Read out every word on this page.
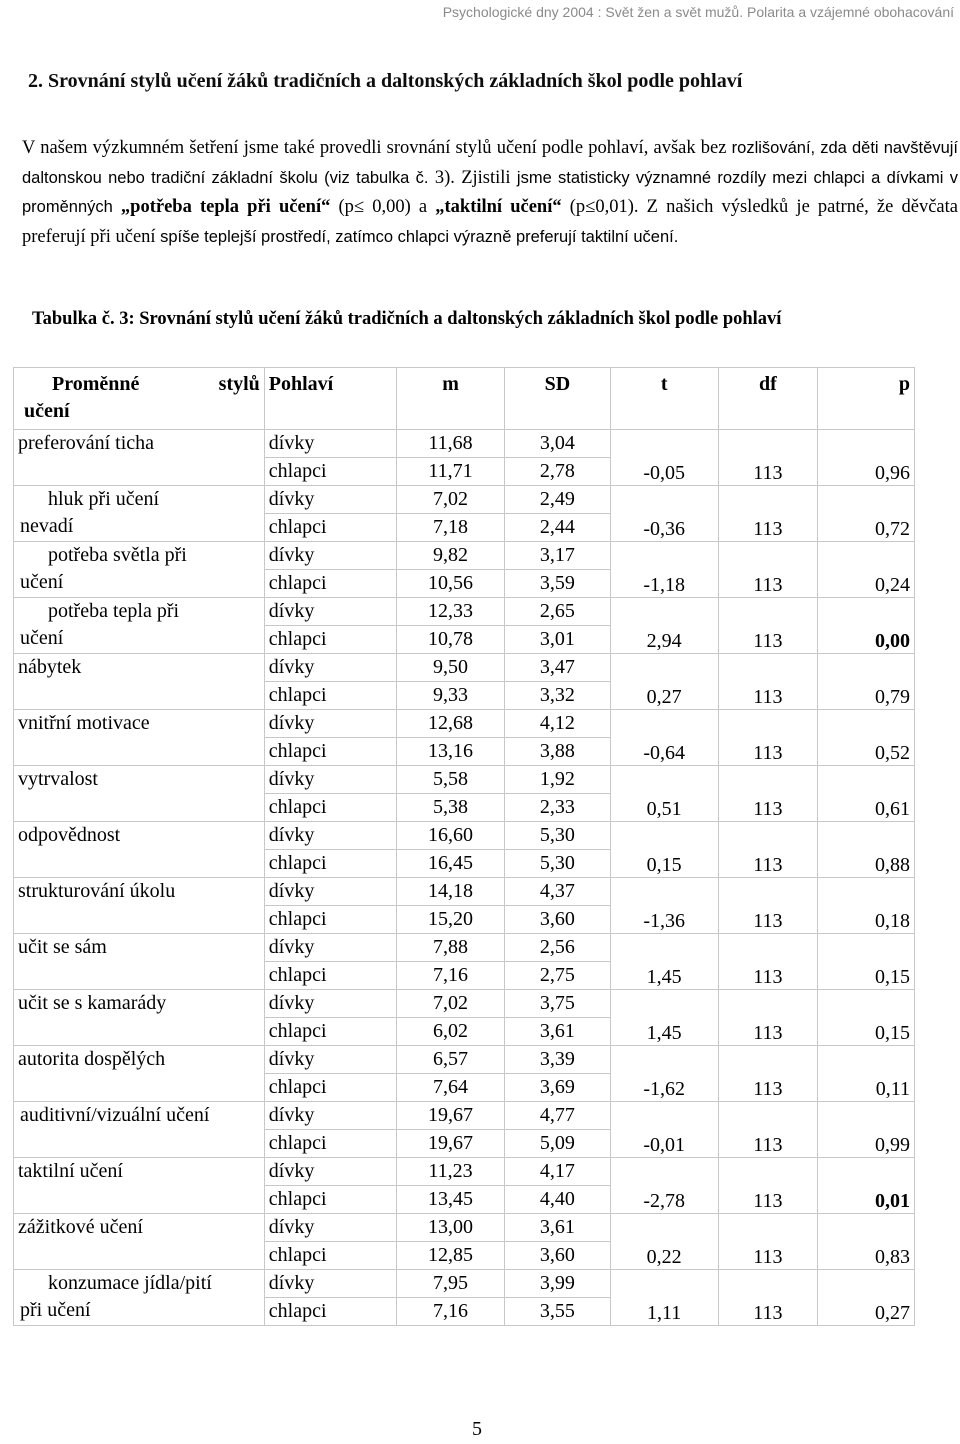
Psychologické dny 2004 : Svět žen a svět mužů. Polarita a vzájemné obohacování
2. Srovnání stylů učení žáků tradičních a daltonských základních škol podle pohlaví

V našem výzkumném šetření jsme také provedli srovnání stylů učení podle pohlaví, avšak bez rozlišování, zda děti navštěvují daltonskou nebo tradiční základní školu (viz tabulka č. 3). Zjistili jsme statisticky významné rozdíly mezi chlapci a dívkami v proměnných „potřeba tepla při učení“ (p≤ 0,00) a „taktilní učení“ (p≤0,01). Z našich výsledků je patrné, že děvčata preferují při učení spíše teplejší prostředí, zatímco chlapci výrazně preferují taktilní učení.

Tabulka č. 3: Srovnání stylů učení žáků tradičních a daltonských základních škol podle pohlaví
Proměnné stylů
učení	Pohlaví	m	SD	t	df	p
preferování ticha	dívky	11,68	3,04	-0,05	113	0,96

	chlapci	11,71	2,78			

hluk při učení
nevadí	dívky	7,02	2,49	-0,36	113	0,72

	chlapci	7,18	2,44			

potřeba světla při
učení	dívky	9,82	3,17	-1,18	113	0,24

	chlapci	10,56	3,59			

potřeba tepla při
učení	dívky	12,33	2,65	2,94	113	0,00

	chlapci	10,78	3,01			
nábytek	dívky	9,50	3,47	0,27	113	0,79

	chlapci	9,33	3,32			
vnitřní motivace	dívky	12,68	4,12	-0,64	113	0,52

	chlapci	13,16	3,88			
vytrvalost	dívky	5,58	1,92	0,51	113	0,61

	chlapci	5,38	2,33			
odpovědnost	dívky	16,60	5,30	0,15	113	0,88

	chlapci	16,45	5,30			
strukturování úkolu	dívky	14,18	4,37	-1,36	113	0,18

	chlapci	15,20	3,60			
učit se sám	dívky	7,88	2,56	1,45	113	0,15

	chlapci	7,16	2,75			
učit se s kamarády	dívky	7,02	3,75	1,45	113	0,15

	chlapci	6,02	3,61			
autorita dospělých	dívky	6,57	3,39	-1,62	113	0,11

	chlapci	7,64	3,69			
auditivní/vizuální učení	dívky	19,67	4,77	-0,01	113	0,99

	chlapci	19,67	5,09			
taktilní učení	dívky	11,23	4,17	-2,78	113	0,01

	chlapci	13,45	4,40			
zážitkové učení	dívky	13,00	3,61	0,22	113	0,83

	chlapci	12,85	3,60			

konzumace jídla/pití
při učení	dívky	7,95	3,99	1,11	113	0,27

	chlapci	7,16	3,55			
5
